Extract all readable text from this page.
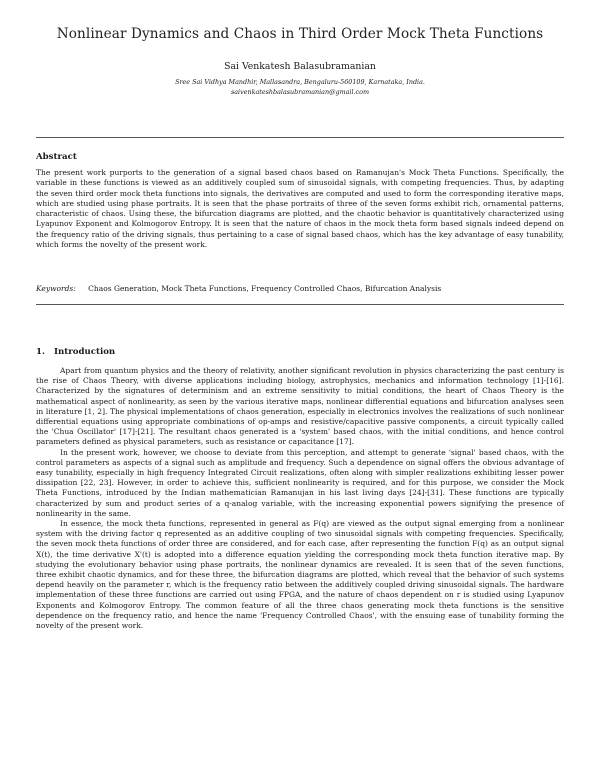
Nonlinear Dynamics and Chaos in Third Order Mock Theta Functions
Sai Venkatesh Balasubramanian
Sree Sai Vidhya Mandhir, Mallasandra, Bengaluru-560109, Karnataka, India.
saivenkateshbalasubramanian@gmail.com
Abstract

The present work purports to the generation of a signal based chaos based on Ramanujan's Mock Theta Functions. Specifically, the variable in these functions is viewed as an additively coupled sum of sinusoidal signals, with competing frequencies. Thus, by adapting the seven third order mock theta functions into signals, the derivatives are computed and used to form the corresponding iterative maps, which are studied using phase portraits. It is seen that the phase portraits of three of the seven forms exhibit rich, ornamental patterns, characteristic of chaos. Using these, the bifurcation diagrams are plotted, and the chaotic behavior is quantitatively characterized using Lyapunov Exponent and Kolmogorov Entropy. It is seen that the nature of chaos in the mock theta form based signals indeed depend on the frequency ratio of the driving signals, thus pertaining to a case of signal based chaos, which has the key advantage of easy tunability, which forms the novelty of the present work.

Keywords: Chaos Generation, Mock Theta Functions, Frequency Controlled Chaos, Bifurcation Analysis
1. Introduction

Apart from quantum physics and the theory of relativity, another significant revolution in physics characterizing the past century is the rise of Chaos Theory, with diverse applications including biology, astrophysics, mechanics and information technology [1]-[16]. Characterized by the signatures of determinism and an extreme sensitivity to initial conditions, the heart of Chaos Theory is the mathematical aspect of nonlinearity, as seen by the various iterative maps, nonlinear differential equations and bifurcation analyses seen in literature [1, 2]. The physical implementations of chaos generation, especially in electronics involves the realizations of such nonlinear differential equations using appropriate combinations of op-amps and resistive/capacitive passive components, a circuit typically called the 'Chua Oscillator' [17]-[21]. The resultant chaos generated is a 'system' based chaos, with the initial conditions, and hence control parameters defined as physical parameters, such as resistance or capacitance [17].

In the present work, however, we choose to deviate from this perception, and attempt to generate 'signal' based chaos, with the control parameters as aspects of a signal such as amplitude and frequency. Such a dependence on signal offers the obvious advantage of easy tunability, especially in high frequency Integrated Circuit realizations, often along with simpler realizations exhibiting lesser power dissipation [22, 23]. However, in order to achieve this, sufficient nonlinearity is required, and for this purpose, we consider the Mock Theta Functions, introduced by the Indian mathematician Ramanujan in his last living days [24]-[31]. These functions are typically characterized by sum and product series of a q-analog variable, with the increasing exponential powers signifying the presence of nonlinearity in the same.

In essence, the mock theta functions, represented in general as F(q) are viewed as the output signal emerging from a nonlinear system with the driving factor q represented as an additive coupling of two sinusoidal signals with competing frequencies. Specifically, the seven mock theta functions of order three are considered, and for each case, after representing the function F(q) as an output signal X(t), the time derivative X'(t) is adopted into a difference equation yielding the corresponding mock theta function iterative map. By studying the evolutionary behavior using phase portraits, the nonlinear dynamics are revealed. It is seen that of the seven functions, three exhibit chaotic dynamics, and for these three, the bifurcation diagrams are plotted, which reveal that the behavior of such systems depend heavily on the parameter r, which is the frequency ratio between the additively coupled driving sinusoidal signals. The hardware implementation of these three functions are carried out using FPGA, and the nature of chaos dependent on r is studied using Lyapunov Exponents and Kolmogorov Entropy. The common feature of all the three chaos generating mock theta functions is the sensitive dependence on the frequency ratio, and hence the name 'Frequency Controlled Chaos', with the ensuing ease of tunability forming the novelty of the present work.
